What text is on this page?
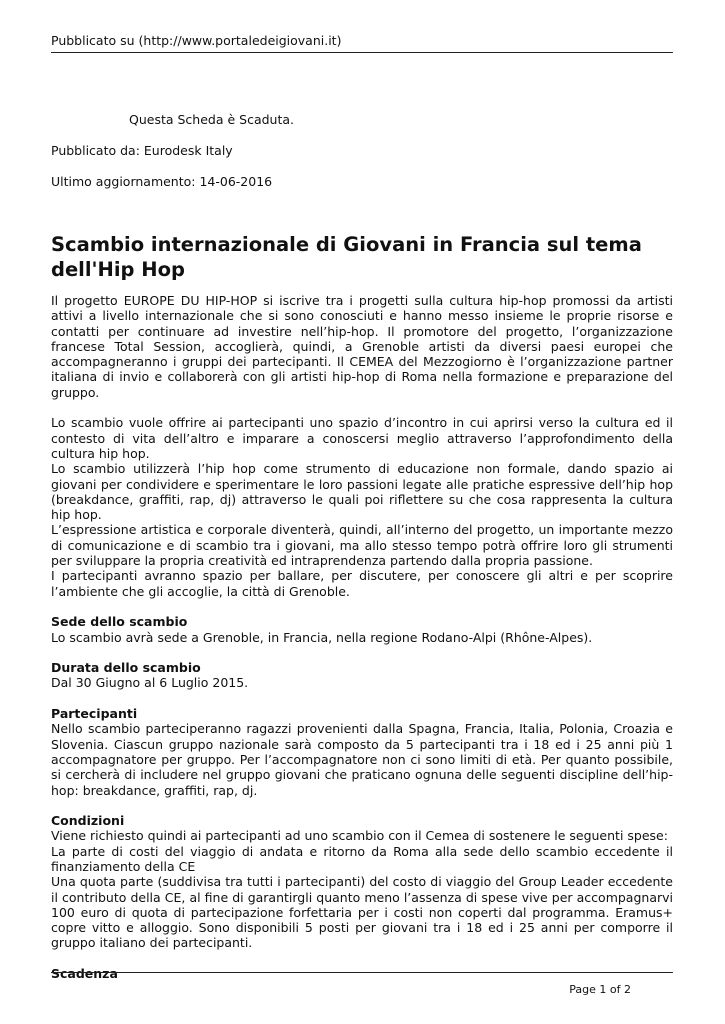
Pubblicato su (http://www.portaledeigiovani.it)
Questa Scheda è Scaduta.
Pubblicato da: Eurodesk Italy
Ultimo aggiornamento: 14-06-2016
Scambio internazionale di Giovani in Francia sul tema dell'Hip Hop

Il progetto EUROPE DU HIP-HOP si iscrive tra i progetti sulla cultura hip-hop promossi da artisti attivi a livello internazionale che si sono conosciuti e hanno messo insieme le proprie risorse e contatti per continuare ad investire nell’hip-hop. Il promotore del progetto, l’organizzazione francese Total Session, accoglierà, quindi, a Grenoble artisti da diversi paesi europei che accompagneranno i gruppi dei partecipanti. Il CEMEA del Mezzogiorno è l’organizzazione partner italiana di invio e collaborerà con gli artisti hip-hop di Roma nella formazione e preparazione del gruppo.

Lo scambio vuole offrire ai partecipanti uno spazio d’incontro in cui aprirsi verso la cultura ed il contesto di vita dell’altro e imparare a conoscersi meglio attraverso l’approfondimento della cultura hip hop.

Lo scambio utilizzerà l’hip hop come strumento di educazione non formale, dando spazio ai giovani per condividere e sperimentare le loro passioni legate alle pratiche espressive dell’hip hop (breakdance, graffiti, rap, dj) attraverso le quali poi riflettere su che cosa rappresenta la cultura hip hop.

L’espressione artistica e corporale diventerà, quindi, all’interno del progetto, un importante mezzo di comunicazione e di scambio tra i giovani, ma allo stesso tempo potrà offrire loro gli strumenti per sviluppare la propria creatività ed intraprendenza partendo dalla propria passione.

I partecipanti avranno spazio per ballare, per discutere, per conoscere gli altri e per scoprire l’ambiente che gli accoglie, la città di Grenoble.

Sede dello scambio

Lo scambio avrà sede a Grenoble, in Francia, nella regione Rodano-Alpi (Rhône-Alpes).

Durata dello scambio

Dal 30 Giugno al 6 Luglio 2015.

Partecipanti

Nello scambio parteciperanno ragazzi provenienti dalla Spagna, Francia, Italia, Polonia, Croazia e Slovenia. Ciascun gruppo nazionale sarà composto da 5 partecipanti tra i 18 ed i 25 anni più 1 accompagnatore per gruppo. Per l’accompagnatore non ci sono limiti di età. Per quanto possibile, si cercherà di includere nel gruppo giovani che praticano ognuna delle seguenti discipline dell’hip-hop: breakdance, graffiti, rap, dj.

Condizioni

Viene richiesto quindi ai partecipanti ad uno scambio con il Cemea di sostenere le seguenti spese:

La parte di costi del viaggio di andata e ritorno da Roma alla sede dello scambio eccedente il finanziamento della CE

Una quota parte (suddivisa tra tutti i partecipanti) del costo di viaggio del Group Leader eccedente il contributo della CE, al fine di garantirgli quanto meno l’assenza di spese vive per accompagnarvi 100 euro di quota di partecipazione forfettaria per i costi non coperti dal programma. Eramus+ copre vitto e alloggio. Sono disponibili 5 posti per giovani tra i 18 ed i 25 anni per comporre il gruppo italiano dei partecipanti.

Scadenza

Page 1 of 2
